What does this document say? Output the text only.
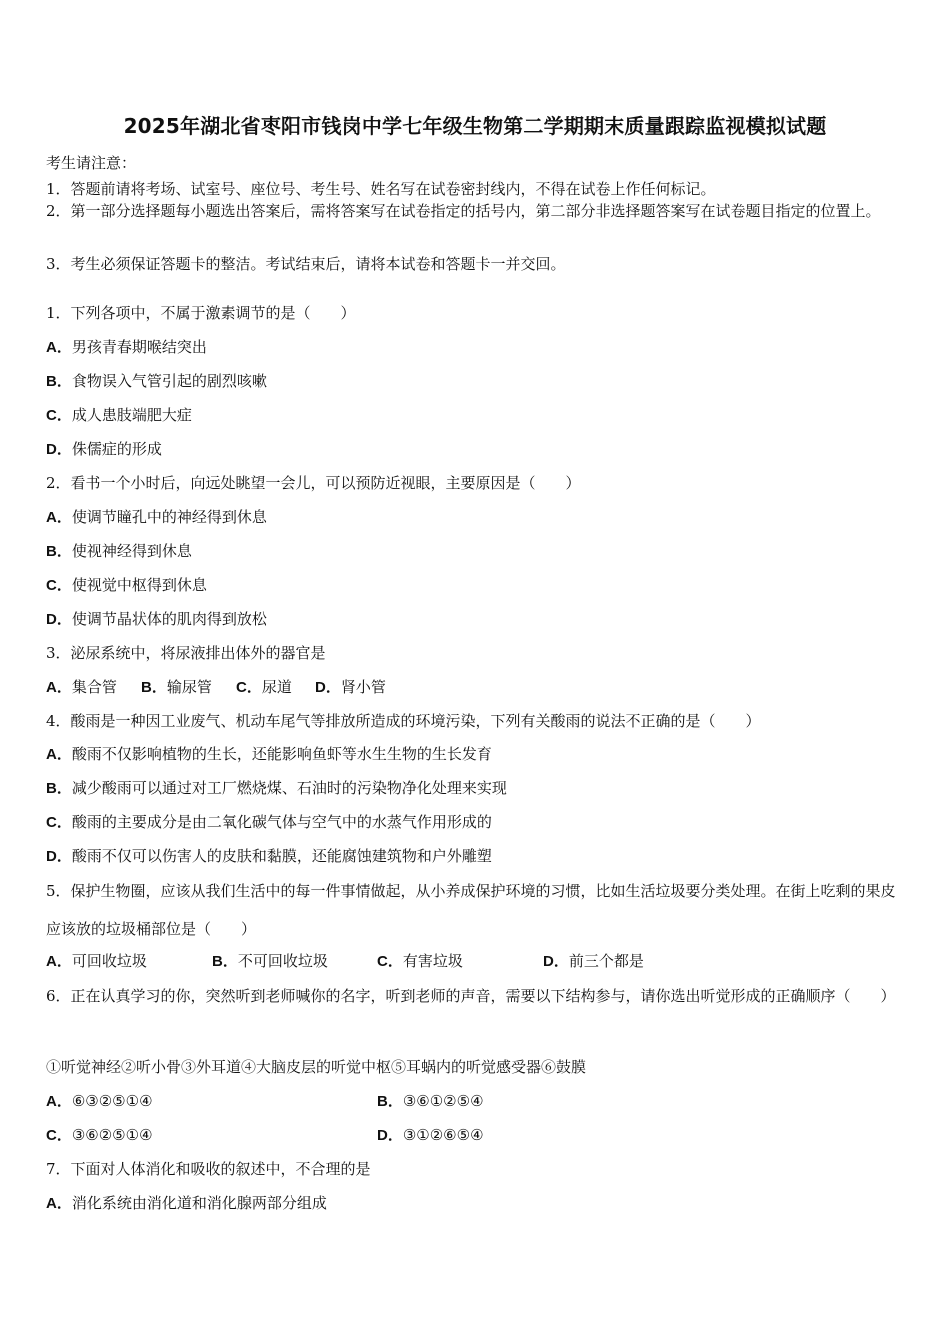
2025年湖北省枣阳市钱岗中学七年级生物第二学期期末质量跟踪监视模拟试题
考生请注意：
1．答题前请将考场、试室号、座位号、考生号、姓名写在试卷密封线内，不得在试卷上作任何标记。
2．第一部分选择题每小题选出答案后，需将答案写在试卷指定的括号内，第二部分非选择题答案写在试卷题目指定的位置上。
3．考生必须保证答题卡的整洁。考试结束后，请将本试卷和答题卡一并交回。
1．下列各项中，不属于激素调节的是（　　）
A．男孩青春期喉结突出
B．食物误入气管引起的剧烈咳嗽
C．成人患肢端肥大症
D．侏儒症的形成
2．看书一个小时后，向远处眺望一会儿，可以预防近视眼，主要原因是（　　）
A．使调节瞳孔中的神经得到休息
B．使视神经得到休息
C．使视觉中枢得到休息
D．使调节晶状体的肌肉得到放松
3．泌尿系统中，将尿液排出体外的器官是
A．集合管 B．输尿管 C．尿道 D．肾小管
4．酸雨是一种因工业废气、机动车尾气等排放所造成的环境污染，下列有关酸雨的说法不正确的是（　　）
A．酸雨不仅影响植物的生长，还能影响鱼虾等水生生物的生长发育
B．减少酸雨可以通过对工厂燃烧煤、石油时的污染物净化处理来实现
C．酸雨的主要成分是由二氧化碳气体与空气中的水蒸气作用形成的
D．酸雨不仅可以伤害人的皮肤和黏膜，还能腐蚀建筑物和户外雕塑
5．保护生物圈，应该从我们生活中的每一件事情做起，从小养成保护环境的习惯，比如生活垃圾要分类处理。在街上吃剩的果皮应该放的垃圾桶部位是（　　）
A．可回收垃圾	B．不可回收垃圾	C．有害垃圾	D．前三个都是
6．正在认真学习的你，突然听到老师喊你的名字，听到老师的声音，需要以下结构参与，请你选出听觉形成的正确顺序（　　）
①听觉神经②听小骨③外耳道④大脑皮层的听觉中枢⑤耳蜗内的听觉感受器⑥鼓膜
A．⑥③②⑤①④	B．③⑥①②⑤④
C．③⑥②⑤①④	D．③①②⑥⑤④
7．下面对人体消化和吸收的叙述中，不合理的是
A．消化系统由消化道和消化腺两部分组成
